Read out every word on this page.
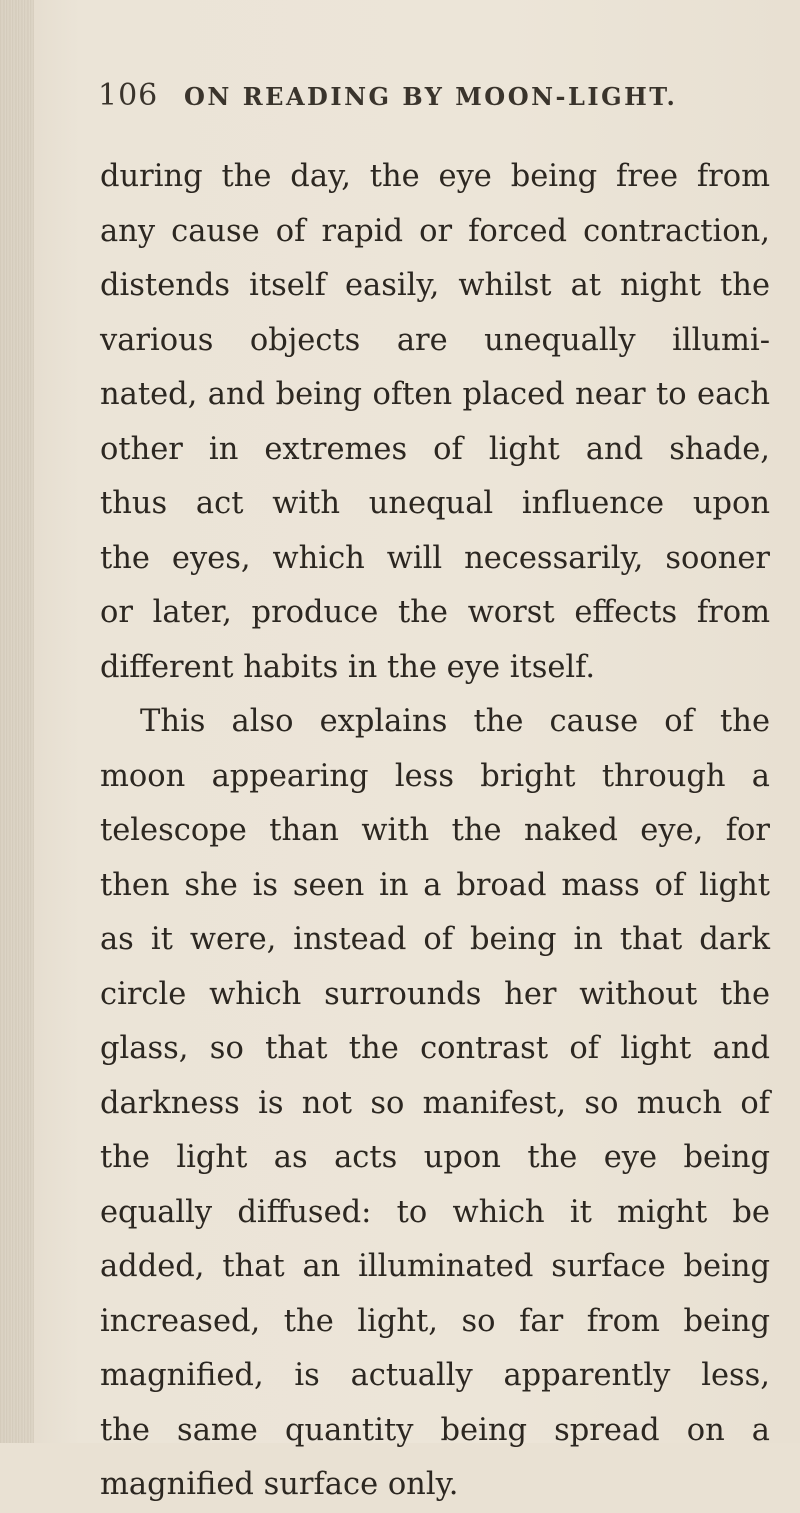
106 ON READING BY MOON-LIGHT.
during the day, the eye being free from
any cause of rapid or forced contraction,
distends itself easily, whilst at night the
various objects are unequally illumi-
nated, and being often placed near to each
other in extremes of light and shade,
thus act with unequal influence upon
the eyes, which will necessarily, sooner
or later, produce the worst effects from
different habits in the eye itself.
This also explains the cause of the
moon appearing less bright through a
telescope than with the naked eye, for
then she is seen in a broad mass of light
as it were, instead of being in that dark
circle which surrounds her without the
glass, so that the contrast of light and
darkness is not so manifest, so much of
the light as acts upon the eye being
equally diffused: to which it might be
added, that an illuminated surface being
increased, the light, so far from being
magnified, is actually apparently less,
the same quantity being spread on a
magnified surface only.
